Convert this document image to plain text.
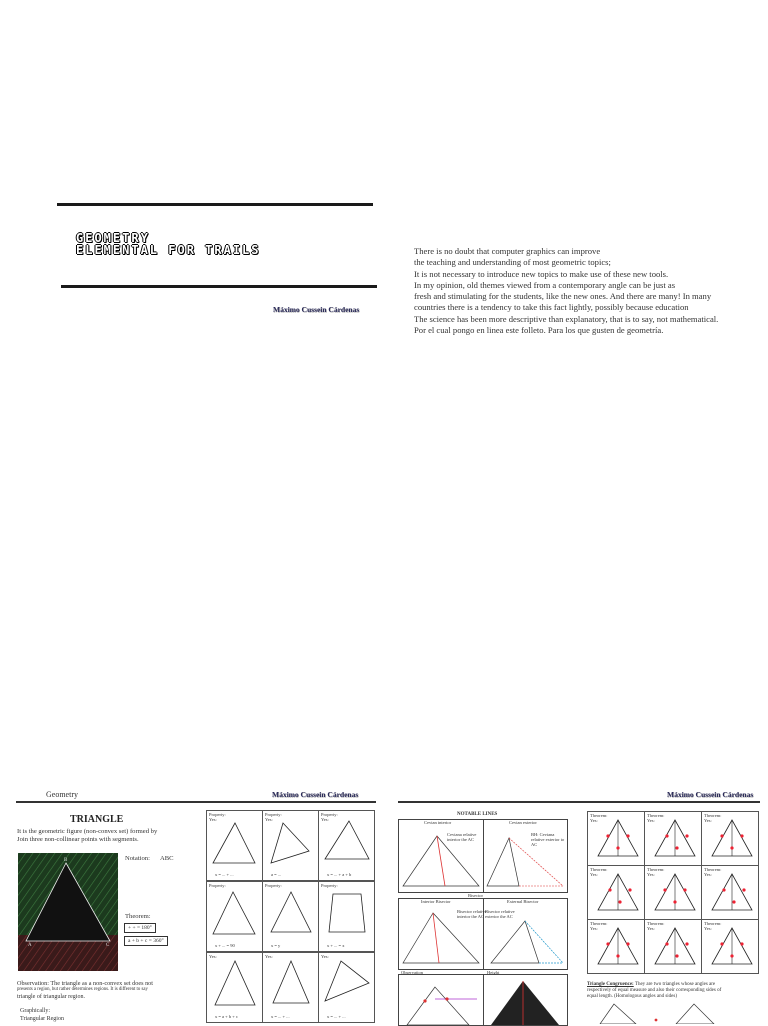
GEOMETRY
ELEMENTAL FOR TRAILS
Máximo Cussein Cárdenas
There is no doubt that computer graphics can improve
the teaching and understanding of most geometric topics;
It is not necessary to introduce new topics to make use of these new tools.
In my opinion, old themes viewed from a contemporary angle can be just as
fresh and stimulating for the students, like the new ones. And there are many! In many
countries there is a tendency to take this fact lightly, possibly because education
The science has been more descriptive than explanatory, that is to say, not mathematical.
Por el cual pongo en linea este folleto. Para los que gusten de geometría.
Geometry	Máximo Cussein Cárdenas
TRIANGLE
It is the geometric figure (non-convex set) formed by
Join three non-collinear points with segments.
B
A	C
Notation: ABC
Theorem:
+ + = 180°
a + b + c = 360°
Observation: The triangle as a non-convex set does not
presents a region, but rather determines regions. It is different to say
triangle of triangular region.
Graphically:
Triangular Region
Property:
Yes:
x = ... + ...
Property:
Yes:
a = ...
Property:
Yes:
x = ... + a + b
Property:
x + ... = 90
Property:
x = y
Property:
x + ... = x
Yes:
x = a + b + c
Yes:
x = ... + ...
Yes:
x = ... + ...
Máximo Cussein Cárdenas
NOTABLE LINES
Cevian interior	Cevian exterior
Ceviana relative interior the AC
BH: Ceviana relative exterior to AC
Bisector
Interior Bisector	External Bisector
Bisector relative interior the AC
Bisector relative exterior the AC
Observation	Height
Theorem:
Yes:
Theorem:
Yes:
Theorem:
Yes:
Theorem:
Yes:
Theorem:
Yes:
Theorem:
Yes:
Theorem:
Yes:
Theorem:
Yes:
Theorem:
Yes:
Triangle Congruence: They are two triangles whose angles are
respectively of equal measure and also their corresponding sides of
equal length. (Homologous angles and sides)
